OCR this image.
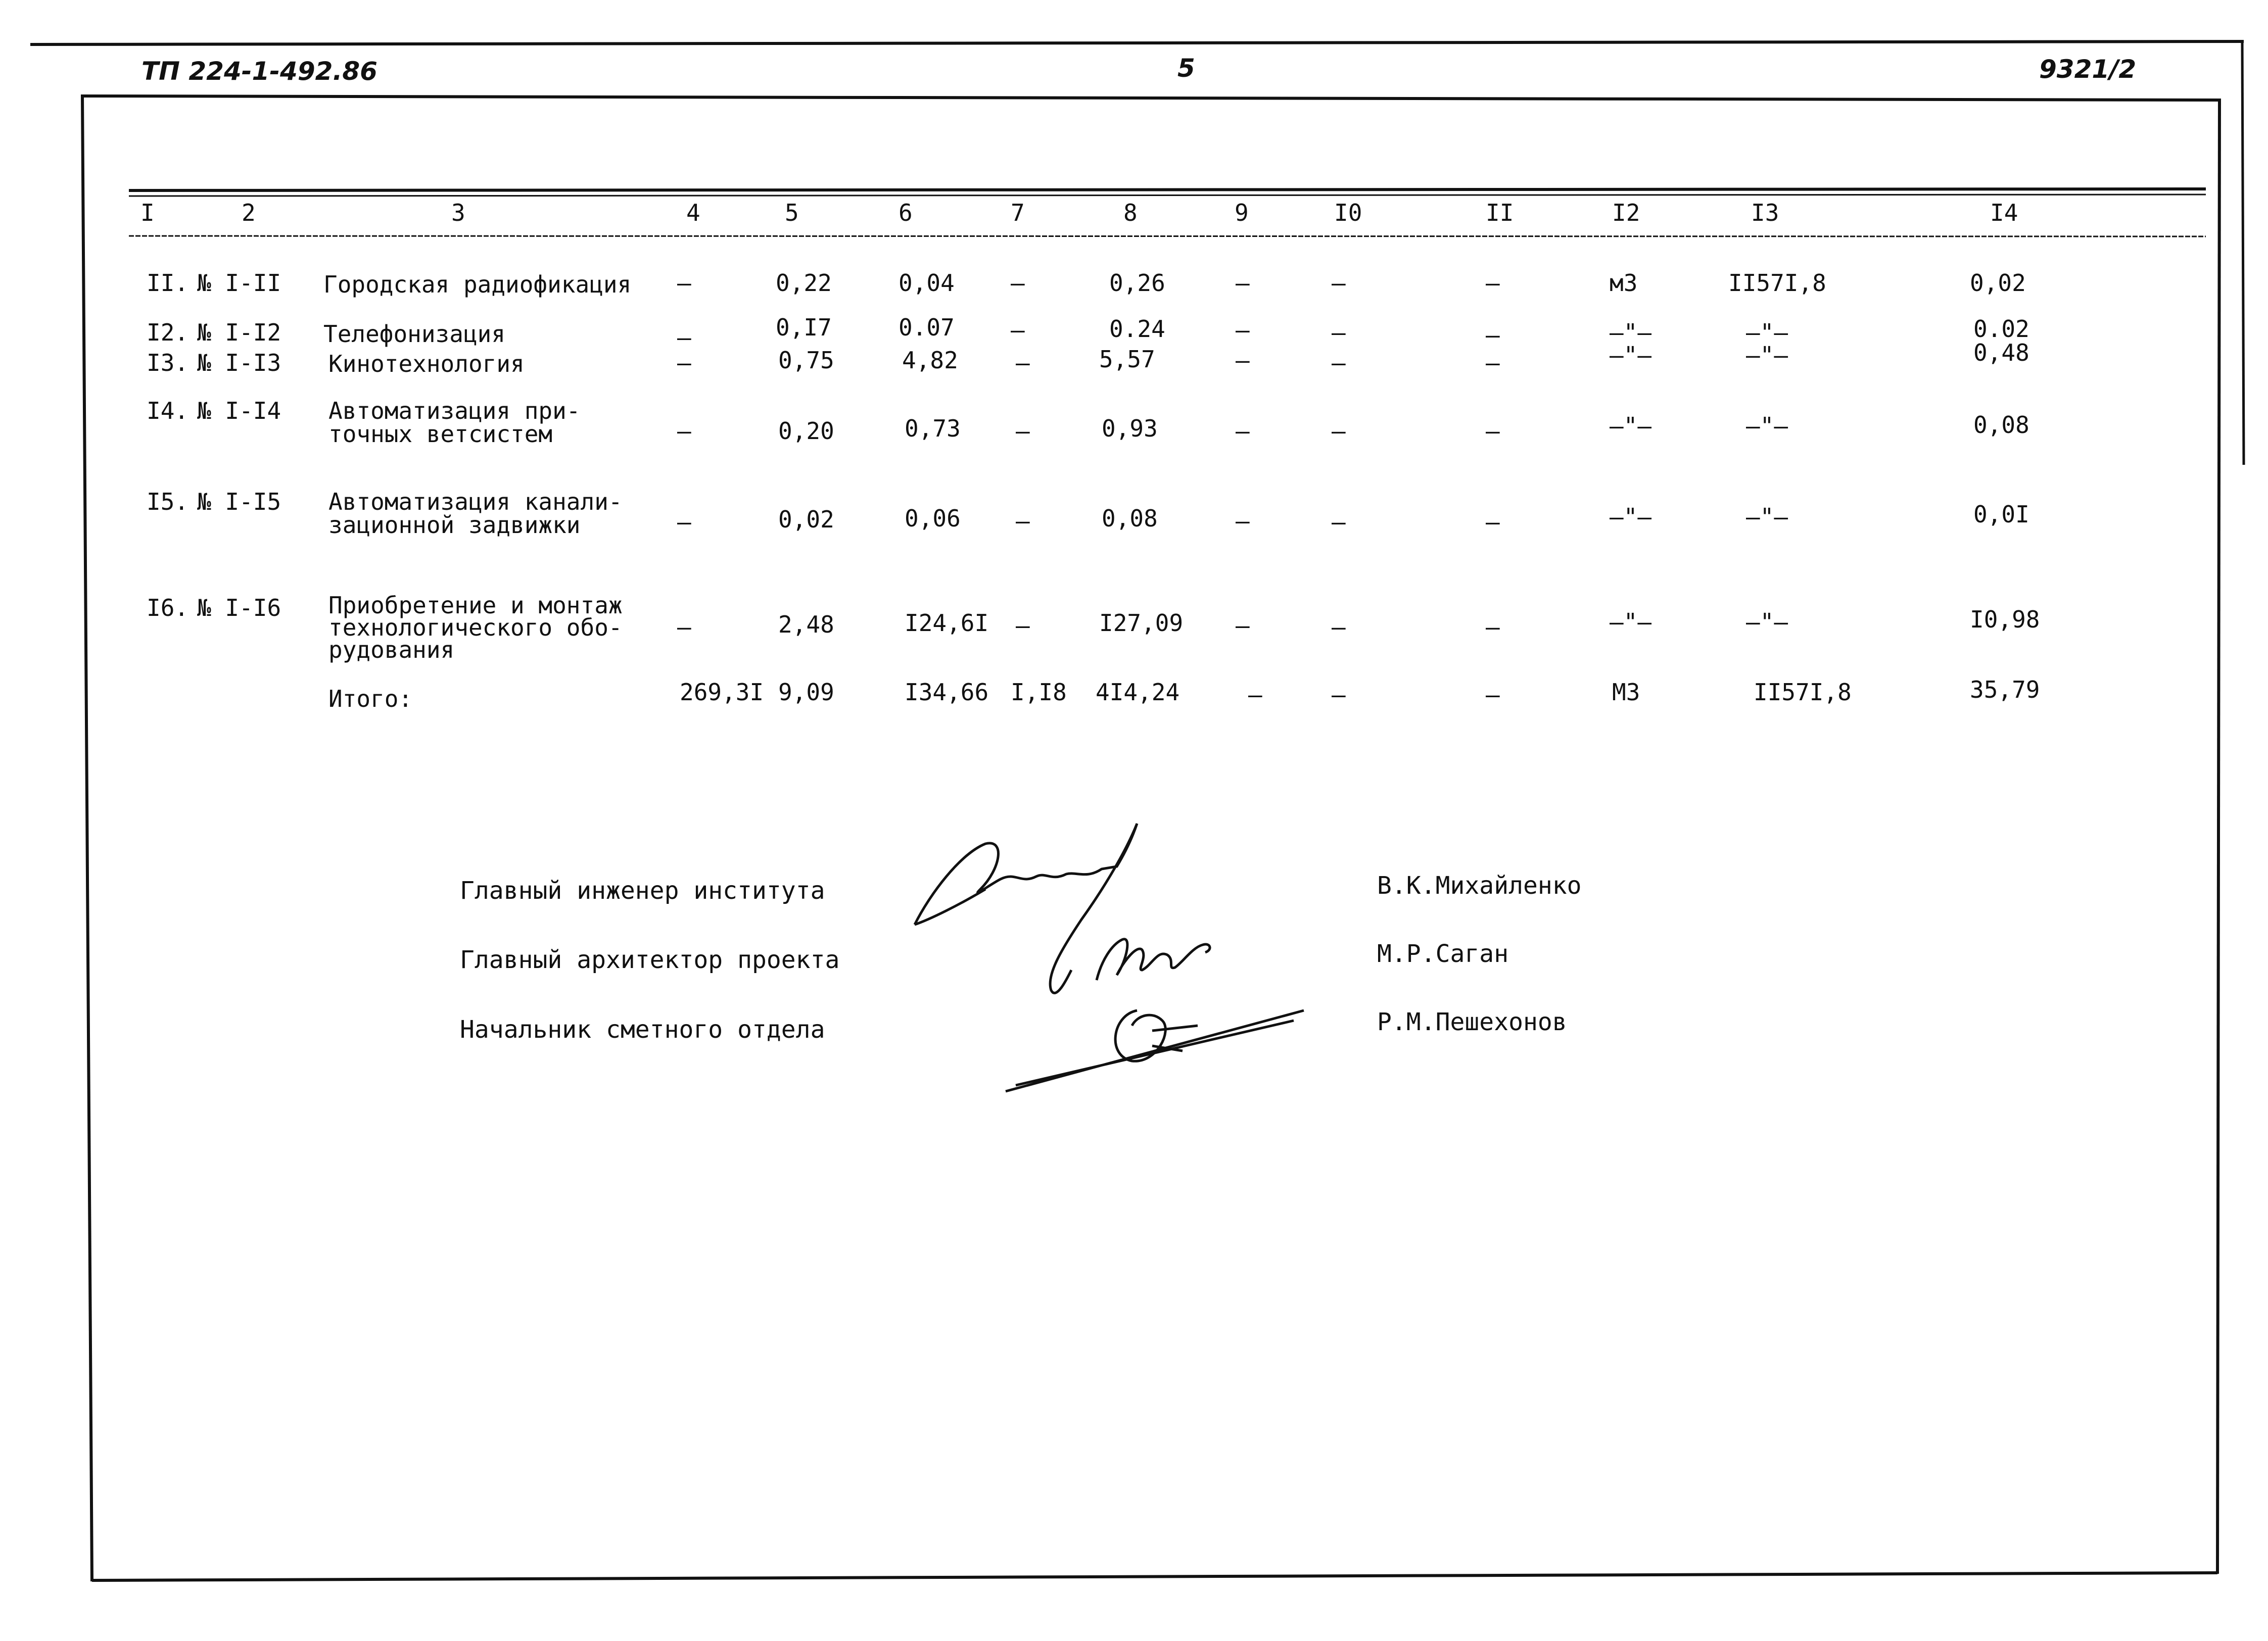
ТП 224-1-492.86	5	9321/2
I	2	3	4	5	6	7	8	9	I0	II	I2	I3	I4
II. № I-II Городская радиофикация –	0,22	0,04 –	0,26	–	–	–	м3	II57I,8	0,02
I2. № I-I2 Телефонизация	–	0,I7	0.07 –	0.24	–	–	–	–"–	–"–	0.02
I3. № I-I3 Кинотехнология	–	0,75	4,82 –	5,57	–	–	–	–"–	–"–	0,48
I4. № I-I4 Автоматизация при-
точных ветсистем	–	0,20	0,73 –	0,93	–	–	–	–"–	–"–	0,08
I5. № I-I5 Автоматизация канали-
зационной задвижки	–	0,02	0,06 –	0,08	–	–	–	–"–	–"–	0,0I
I6. № I-I6 Приобретение и монтаж
технологического обо-
рудования
–	2,48	I24,6I –	I27,09 –	–	–	–"–	–"–	I0,98
Итого:	269,3I 9,09	I34,66 I,I8 4I4,24	–	–	–	М3	II57I,8	35,79
Главный инженер института
Главный архитектор проекта
Начальник сметного отдела
В.К.Михайленко
М.Р.Саган
Р.М.Пешехонов
